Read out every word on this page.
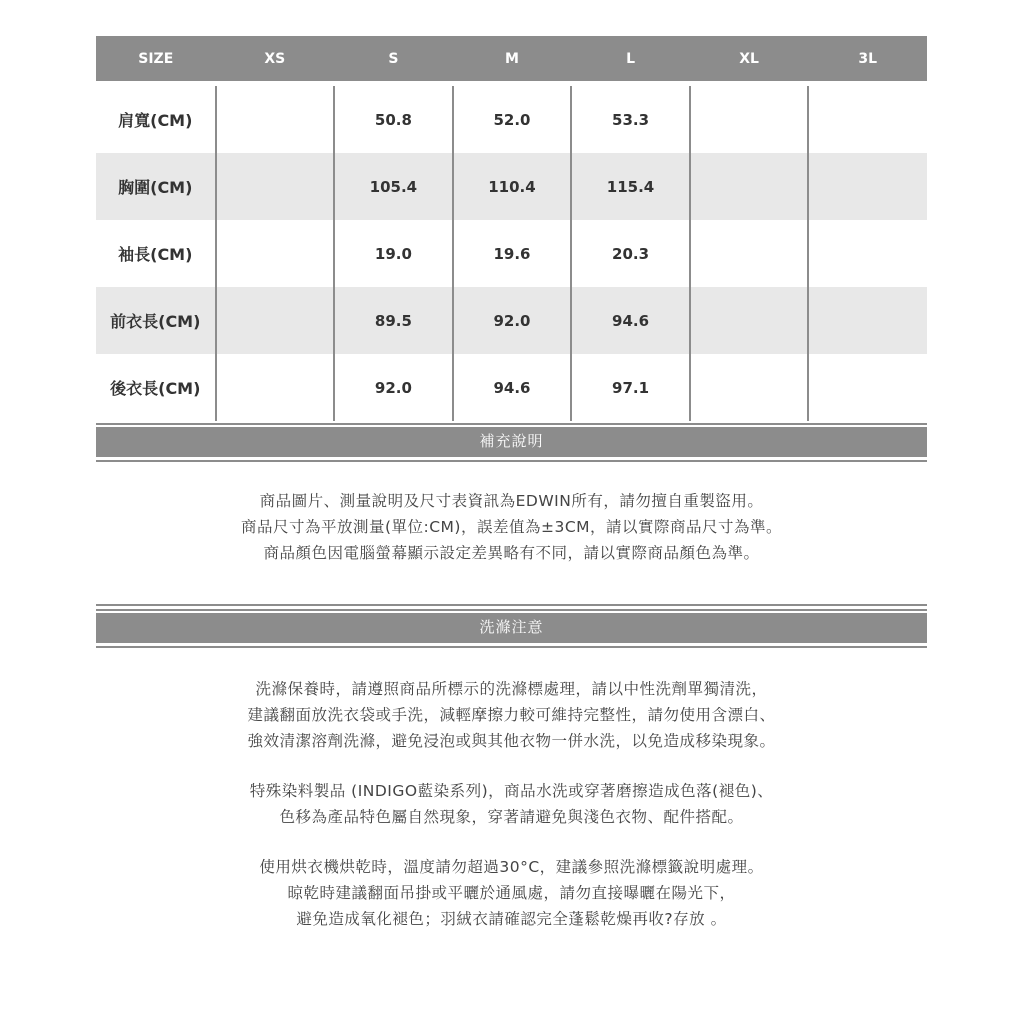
SIZE	XS	S	M	L	XL	3L
肩寬(CM)		50.8	52.0	53.3		
胸圍(CM)		105.4	110.4	115.4		
袖長(CM)		19.0	19.6	20.3		
前衣長(CM)		89.5	92.0	94.6		
後衣長(CM)		92.0	94.6	97.1		
補充說明

商品圖片、測量說明及尺寸表資訊為EDWIN所有，請勿擅自重製盜用。

商品尺寸為平放測量(單位:CM)，誤差值為±3CM，請以實際商品尺寸為準。

商品顏色因電腦螢幕顯示設定差異略有不同，請以實際商品顏色為準。

洗滌注意

洗滌保養時，請遵照商品所標示的洗滌標處理，請以中性洗劑單獨清洗，

建議翻面放洗衣袋或手洗，減輕摩擦力較可維持完整性，請勿使用含漂白、

強效清潔溶劑洗滌，避免浸泡或與其他衣物一併水洗，以免造成移染現象。

特殊染料製品 (INDIGO藍染系列)，商品水洗或穿著磨擦造成色落(褪色)、

色移為產品特色屬自然現象，穿著請避免與淺色衣物、配件搭配。

使用烘衣機烘乾時，溫度請勿超過30°C，建議參照洗滌標籤說明處理。

晾乾時建議翻面吊掛或平曬於通風處，請勿直接曝曬在陽光下，

避免造成氧化褪色；羽絨衣請確認完全蓬鬆乾燥再收?存放 。
